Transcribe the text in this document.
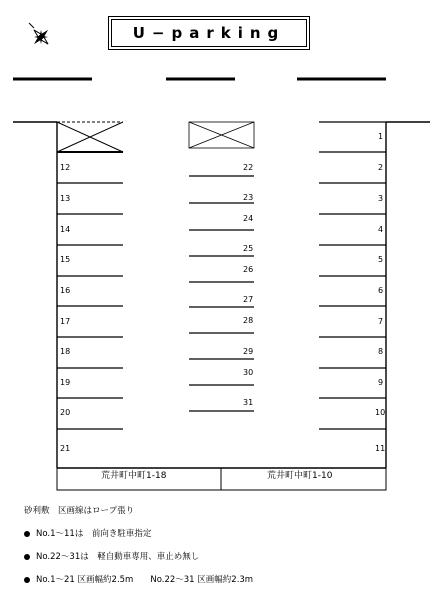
U−parking
12
13
14
15
16
17
18
19
20
21
22
23
24
25
26
27
28
29
30
31
1
2
3
4
5
6
7
8
9
10
11
荒井町中町1-18	荒井町中町1-10
砂利敷　区画線はロープ張り
No.1～11は　前向き駐車指定
No.22～31は　軽自動車専用、車止め無し
No.1～21 区画幅約2.5m　　No.22～31 区画幅約2.3m
